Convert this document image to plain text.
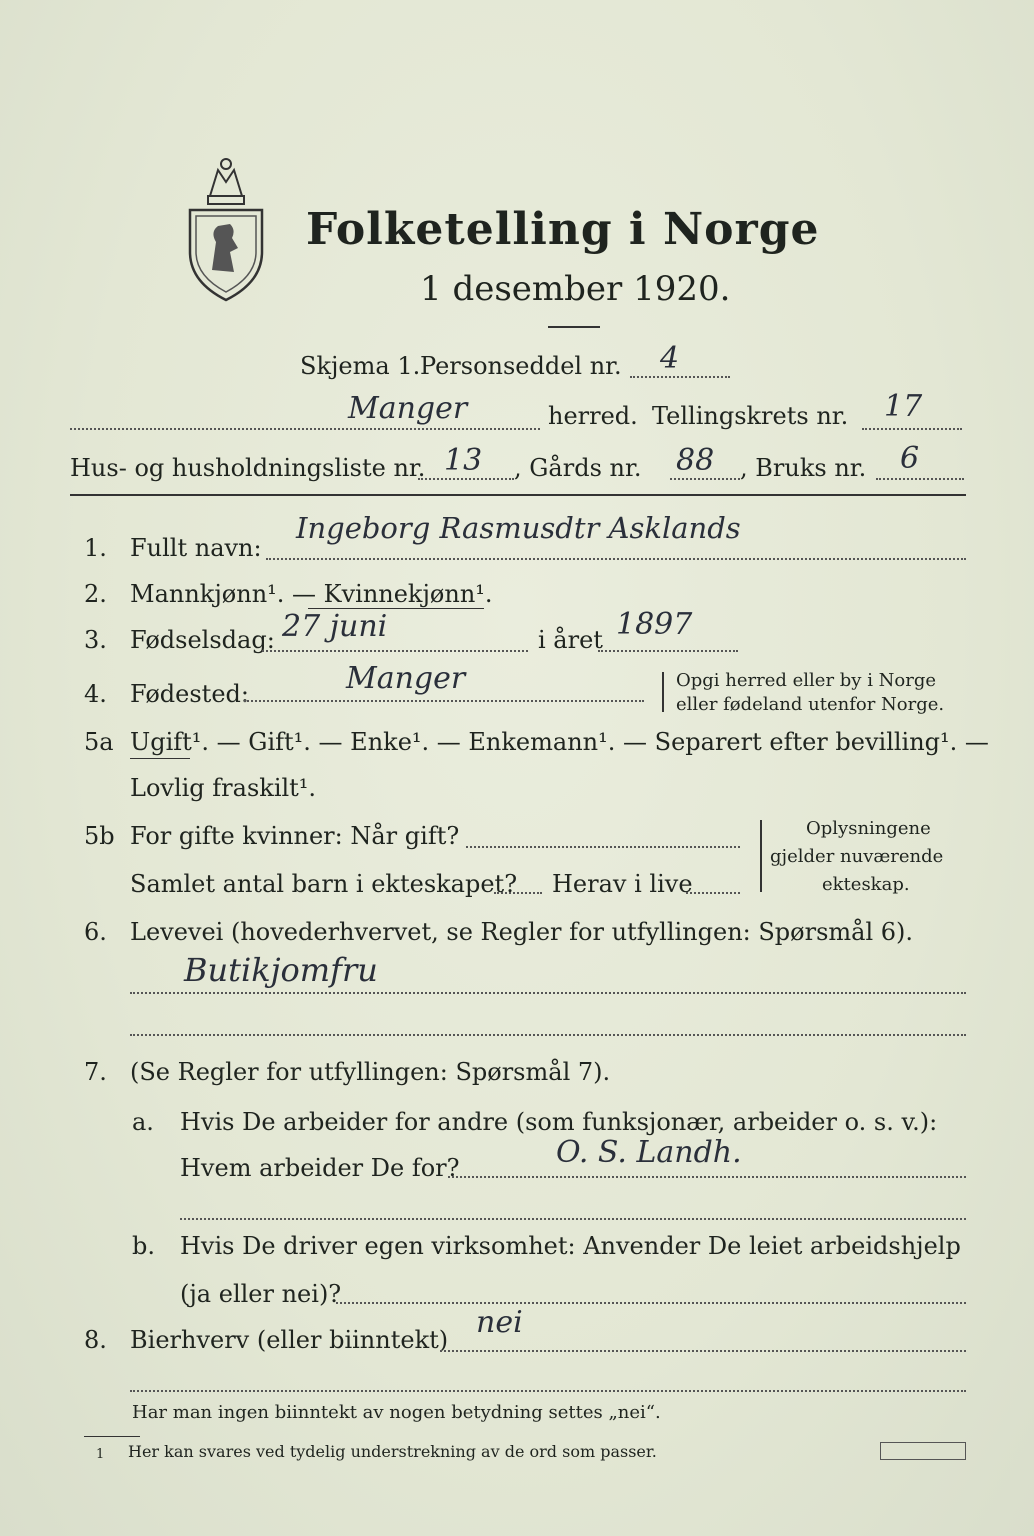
Folketelling i Norge
1 desember 1920.
Skjema 1. Personseddel nr. 4
Manger	herred. Tellingskrets nr. 17
Hus- og husholdningsliste nr. 13 , Gårds nr. 88 , Bruks nr. 6
1. Fullt navn:
Ingeborg Rasmusdtr Asklands
2. Mannkjønn¹. — Kvinnekjønn¹.
3. Fødselsdag: 27 juni	i året 1897
4. Fødested:	Manger	Opgi herred eller by i Norge
eller fødeland utenfor Norge.
5a Ugift¹. — Gift¹. — Enke¹. — Enkemann¹. — Separert efter bevilling¹. —
Lovlig fraskilt¹.
5b For gifte kvinner: Når gift?
Samlet antal barn i ekteskapet? Herav i live
Oplysningene
gjelder nuværende
ekteskap.
6. Levevei (hovederhvervet, se Regler for utfyllingen: Spørsmål 6).
Butikjomfru
7. (Se Regler for utfyllingen: Spørsmål 7).
a. Hvis De arbeider for andre (som funksjonær, arbeider o. s. v.):
Hvem arbeider De for?	O. S. Landh.
b. Hvis De driver egen virksomhet: Anvender De leiet arbeidshjelp
(ja eller nei)?
8. Bierhverv (eller biinntekt) nei
Har man ingen biinntekt av nogen betydning settes „nei“.
1 Her kan svares ved tydelig understrekning av de ord som passer.
